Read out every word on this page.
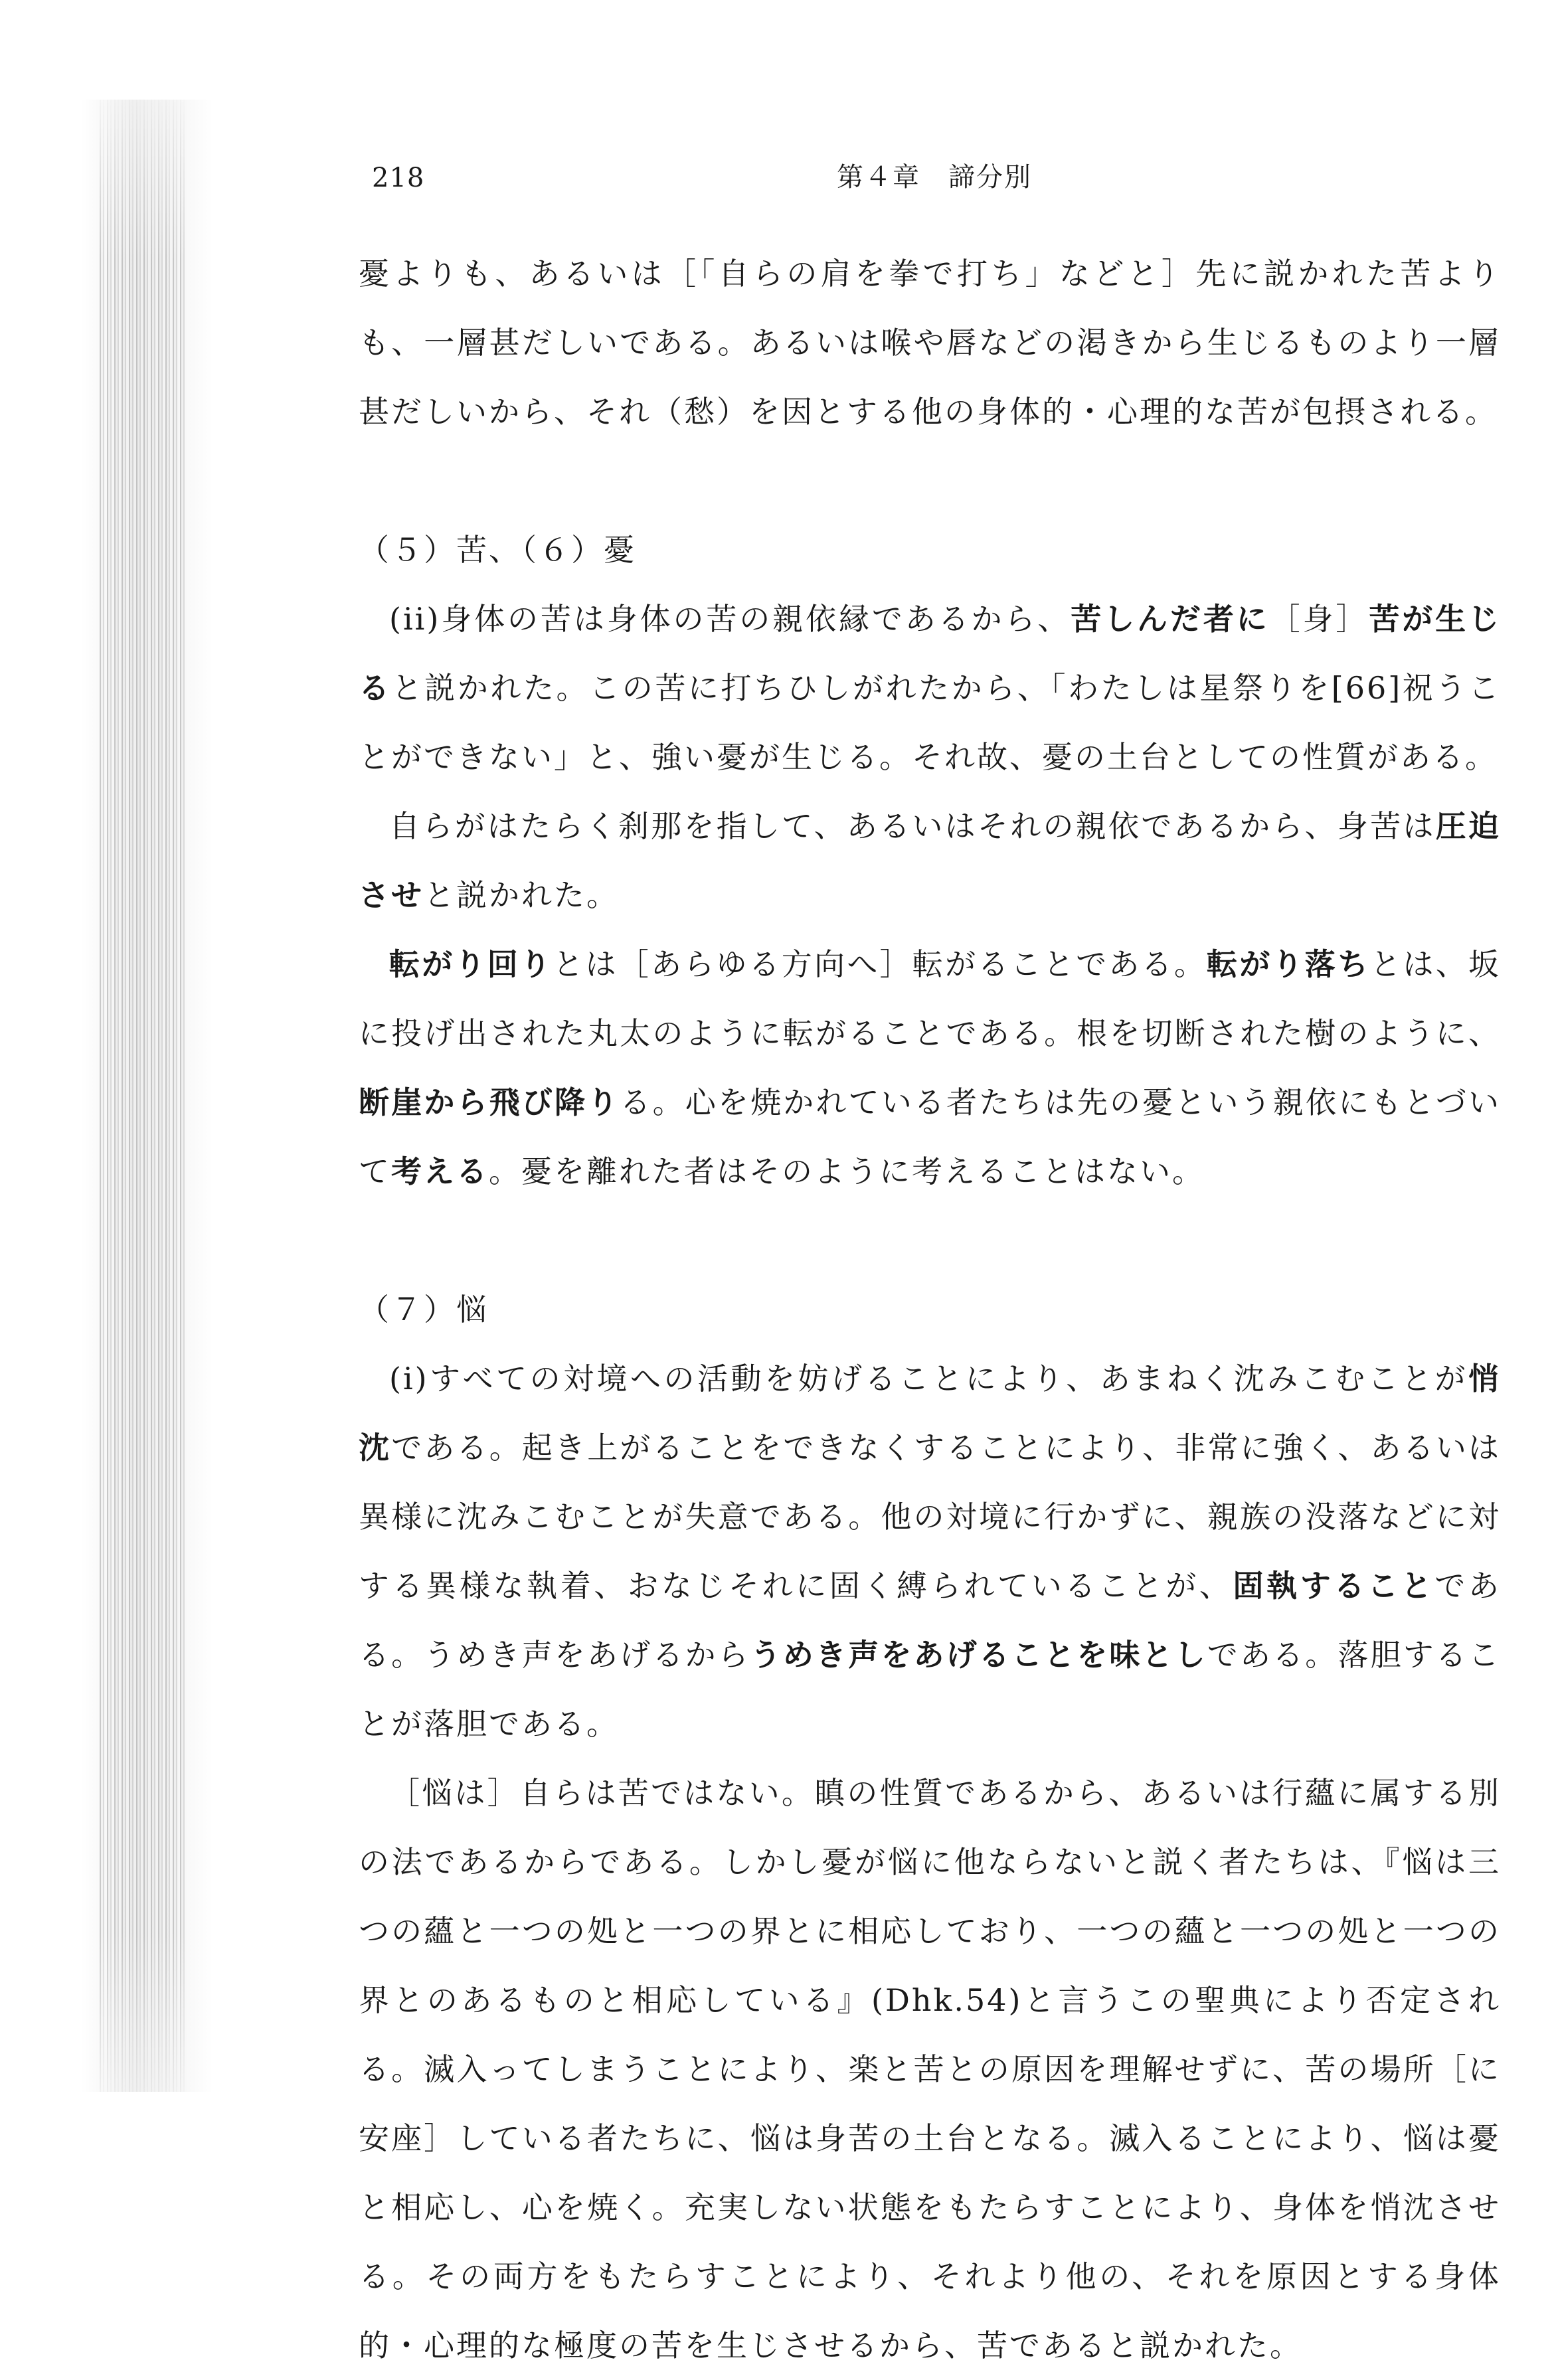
218	第４章　諦分別

憂よりも、あるいは［「自らの肩を拳で打ち」などと］先に説かれた苦よりも、一層甚だしいである。あるいは喉や唇などの渇きから生じるものより一層甚だしいから、それ（愁）を因とする他の身体的・心理的な苦が包摂される。

（５）苦、（６）憂

(ii)身体の苦は身体の苦の親依縁であるから、苦しんだ者に［身］苦が生じると説かれた。この苦に打ちひしがれたから、「わたしは星祭りを[66]祝うことができない」と、強い憂が生じる。それ故、憂の土台としての性質がある。

自らがはたらく刹那を指して、あるいはそれの親依であるから、身苦は圧迫させと説かれた。

転がり回りとは［あらゆる方向へ］転がることである。転がり落ちとは、坂に投げ出された丸太のように転がることである。根を切断された樹のように、断崖から飛び降りる。心を焼かれている者たちは先の憂という親依にもとづいて考える。憂を離れた者はそのように考えることはない。

（７）悩

(i)すべての対境への活動を妨げることにより、あまねく沈みこむことが悄沈である。起き上がることをできなくすることにより、非常に強く、あるいは異様に沈みこむことが失意である。他の対境に行かずに、親族の没落などに対する異様な執着、おなじそれに固く縛られていることが、固執することである。うめき声をあげるからうめき声をあげることを味としである。落胆することが落胆である。

［悩は］自らは苦ではない。瞋の性質であるから、あるいは行蘊に属する別の法であるからである。しかし憂が悩に他ならないと説く者たちは、『悩は三つの蘊と一つの処と一つの界とに相応しており、一つの蘊と一つの処と一つの界とのあるものと相応している』(Dhk.54)と言うこの聖典により否定される。滅入ってしまうことにより、楽と苦との原因を理解せずに、苦の場所［に安座］している者たちに、悩は身苦の土台となる。滅入ることにより、悩は憂と相応し、心を焼く。充実しない状態をもたらすことにより、身体を悄沈させる。その両方をもたらすことにより、それより他の、それを原因とする身体的・心理的な極度の苦を生じさせるから、苦であると説かれた。
